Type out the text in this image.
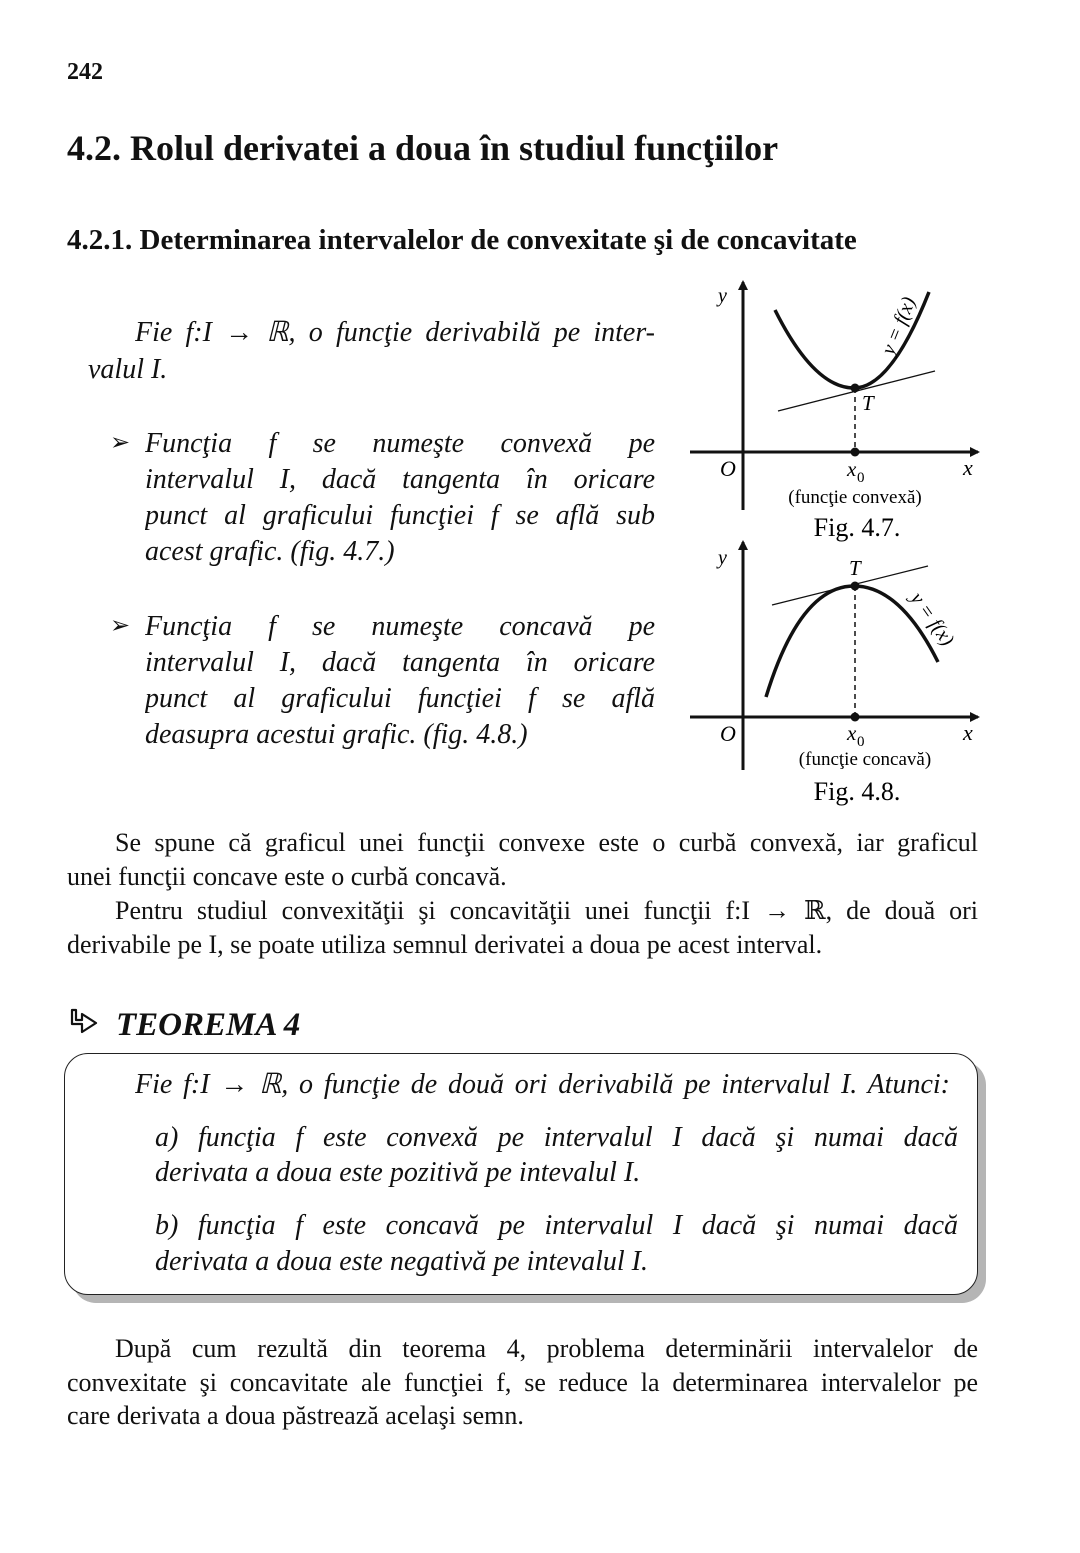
242
4.2. Rolul derivatei a doua în studiul funcţiilor
4.2.1. Determinarea intervalelor de convexitate şi de concavitate
Fie f:I → ℝ, o funcţie derivabilă pe inter-
valul I.
➢ Funcţia f se numeşte convexă pe
intervalul I, dacă tangenta în oricare
punct al graficului funcţiei f se află sub
acest grafic. (fig. 4.7.)
➢ Funcţia f se numeşte concavă pe
intervalul I, dacă tangenta în oricare
punct al graficului funcţiei f se află
deasupra acestui grafic. (fig. 4.8.)
y
O	x
x 0
T
y = f(x)
(funcţie convexă)
Fig. 4.7.
y
O	x
x 0
T
y = f(x)
(funcţie concavă)
Fig. 4.8.
Se spune că graficul unei funcţii convexe este o curbă convexă, iar graficul
unei funcţii concave este o curbă concavă.
Pentru studiul convexităţii şi concavităţii unei funcţii f:I → ℝ, de două ori
derivabile pe I, se poate utiliza semnul derivatei a doua pe acest interval.
TEOREMA 4
Fie f:I → ℝ, o funcţie de două ori derivabilă pe intervalul I. Atunci:
a) funcţia f este convexă pe intervalul I dacă şi numai dacă
derivata a doua este pozitivă pe intevalul I.
b) funcţia f este concavă pe intervalul I dacă şi numai dacă
derivata a doua este negativă pe intevalul I.
După cum rezultă din teorema 4, problema determinării intervalelor de
convexitate şi concavitate ale funcţiei f, se reduce la determinarea intervalelor pe
care derivata a doua păstrează acelaşi semn.
